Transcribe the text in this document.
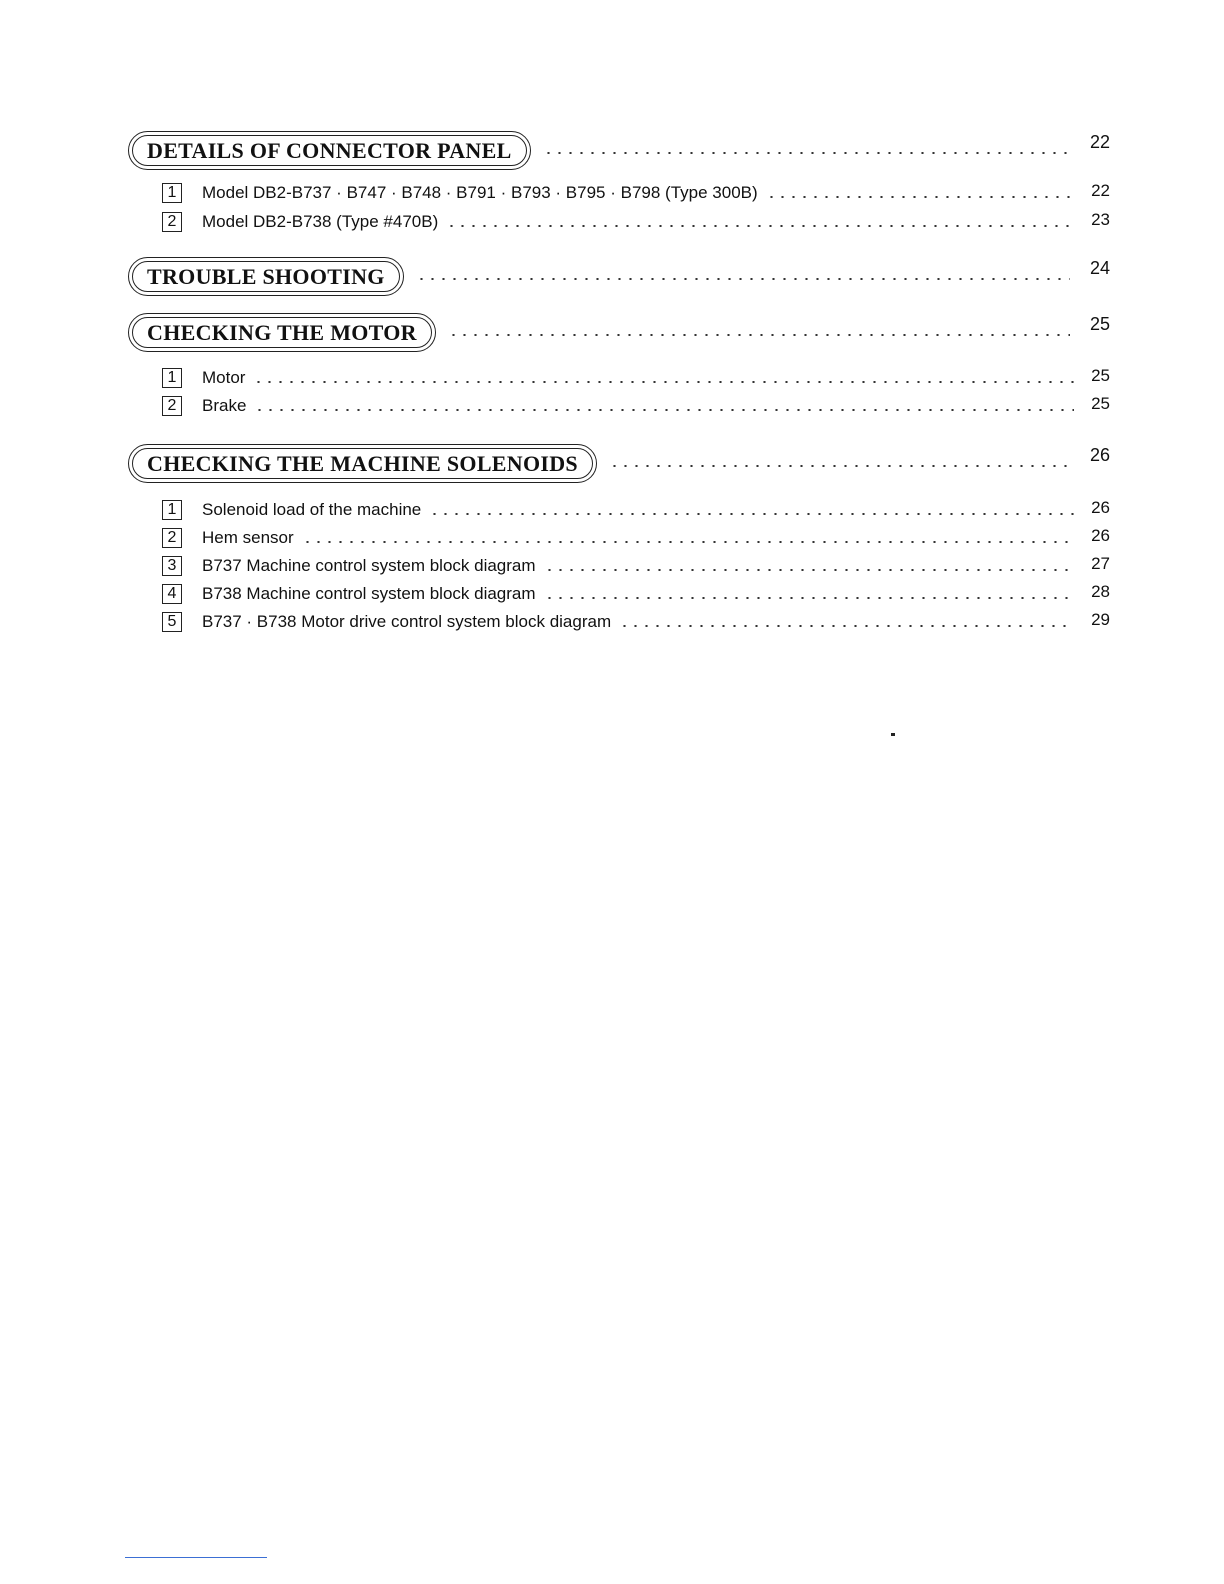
DETAILS OF CONNECTOR PANEL	22
1	Model DB2-B737 · B747 · B748 · B791 · B793 · B795 · B798 (Type 300B)	22
2	Model DB2-B738 (Type #470B)	23
TROUBLE SHOOTING	24
CHECKING THE MOTOR	25
1	Motor	25
2	Brake	25
CHECKING THE MACHINE SOLENOIDS	26
1	Solenoid load of the machine	26
2	Hem sensor	26
3	B737 Machine control system block diagram	27
4	B738 Machine control system block diagram	28
5	B737 · B738 Motor drive control system block diagram	29
